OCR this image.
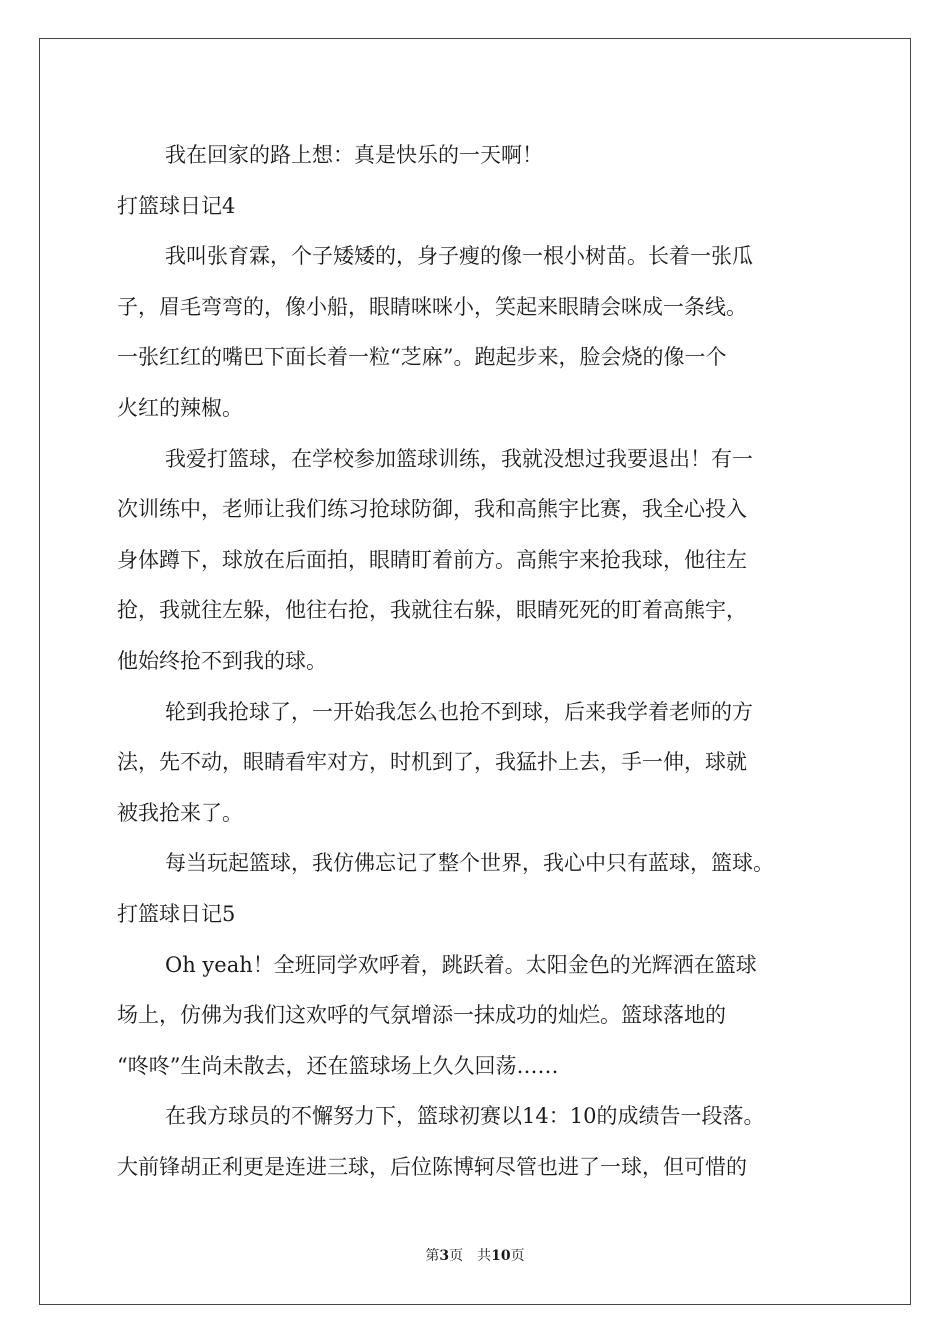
我在回家的路上想：真是快乐的一天啊！
打篮球日记4
我叫张育霖，个子矮矮的，身子瘦的像一根小树苗。长着一张瓜
子，眉毛弯弯的，像小船，眼睛咪咪小，笑起来眼睛会咪成一条线。
一张红红的嘴巴下面长着一粒“芝麻”。跑起步来，脸会烧的像一个
火红的辣椒。
我爱打篮球，在学校参加篮球训练，我就没想过我要退出！有一
次训练中，老师让我们练习抢球防御，我和高熊宇比赛，我全心投入
身体蹲下，球放在后面拍，眼睛盯着前方。高熊宇来抢我球，他往左
抢，我就往左躲，他往右抢，我就往右躲，眼睛死死的盯着高熊宇，
他始终抢不到我的球。
轮到我抢球了，一开始我怎么也抢不到球，后来我学着老师的方
法，先不动，眼睛看牢对方，时机到了，我猛扑上去，手一伸，球就
被我抢来了。
每当玩起篮球，我仿佛忘记了整个世界，我心中只有蓝球，篮球。
打篮球日记5
Oh yeah！全班同学欢呼着，跳跃着。太阳金色的光辉洒在篮球
场上，仿佛为我们这欢呼的气氛增添一抹成功的灿烂。篮球落地的
“咚咚”生尚未散去，还在篮球场上久久回荡……
在我方球员的不懈努力下，篮球初赛以14：10的成绩告一段落。
大前锋胡正利更是连进三球，后位陈博轲尽管也进了一球，但可惜的
第3页 共10页
